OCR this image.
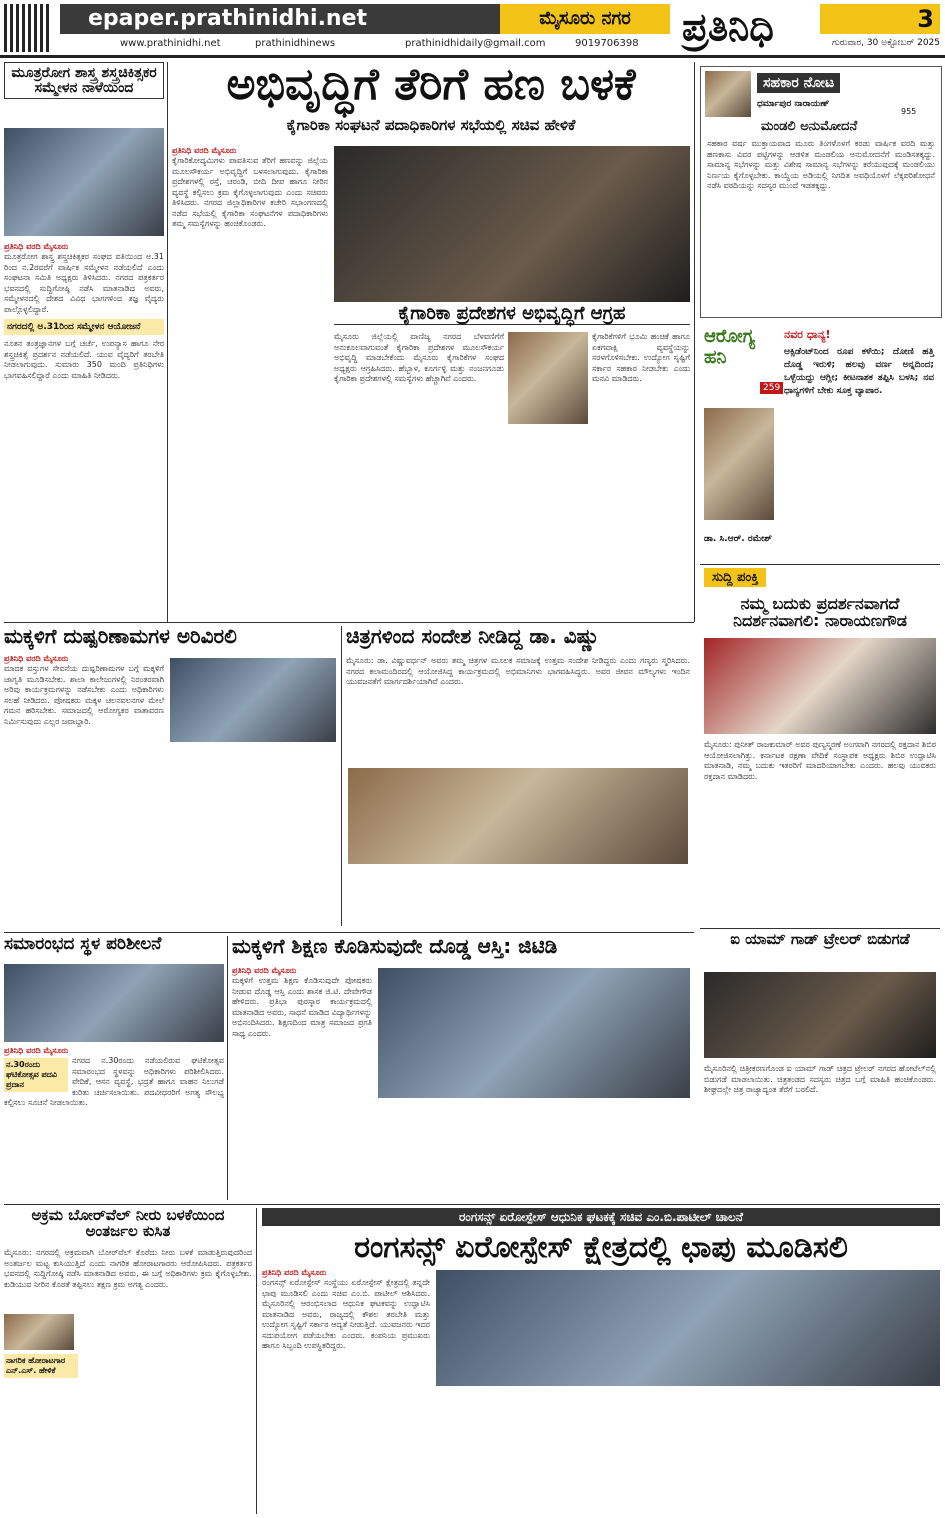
epaper.prathinidhi.net	ಮೈಸೂರು ನಗರ	ಪ್ರತಿನಿಧಿ	3
www.prathinidhi.net	prathinidhinews	prathinidhidaily@gmail.com	9019706398	ಗುರುವಾರ, 30 ಅಕ್ಟೋಬರ್ 2025
ಮೂತ್ರರೋಗ ಶಾಸ್ತ್ರ ಶಸ್ತ್ರಚಿಕಿತ್ಸಕರ ಸಮ್ಮೇಳನ ನಾಳೆಯಿಂದ
ಪ್ರತಿನಿಧಿ ವರದಿ ಮೈಸೂರು
ಮೂತ್ರರೋಗ ಶಾಸ್ತ್ರ ಶಸ್ತ್ರಚಿಕಿತ್ಸಕರ ಸಂಘದ ವತಿಯಿಂದ ಅ.31 ರಿಂದ ನ.2ರವರೆಗೆ ವಾರ್ಷಿಕ ಸಮ್ಮೇಳನ ನಡೆಯಲಿದೆ ಎಂದು ಸಂಘಟನಾ ಸಮಿತಿ ಅಧ್ಯಕ್ಷರು ತಿಳಿಸಿದರು. ನಗರದ ಪತ್ರಕರ್ತರ ಭವನದಲ್ಲಿ ಸುದ್ದಿಗೋಷ್ಠಿ ನಡೆಸಿ ಮಾತನಾಡಿದ ಅವರು, ಸಮ್ಮೇಳನದಲ್ಲಿ ದೇಶದ ವಿವಿಧ ಭಾಗಗಳಿಂದ ತಜ್ಞ ವೈದ್ಯರು ಪಾಲ್ಗೊಳ್ಳಲಿದ್ದಾರೆ.
ನಗರದಲ್ಲಿ ಅ.31ರಿಂದ ಸಮ್ಮೇಳನ ಆಯೋಜನೆ
ನೂತನ ತಂತ್ರಜ್ಞಾನಗಳ ಬಗ್ಗೆ ಚರ್ಚೆ, ಉಪನ್ಯಾಸ ಹಾಗೂ ನೇರ ಶಸ್ತ್ರಚಿಕಿತ್ಸೆ ಪ್ರದರ್ಶನ ನಡೆಯಲಿದೆ. ಯುವ ವೈದ್ಯರಿಗೆ ತರಬೇತಿ ನೀಡಲಾಗುವುದು. ಸುಮಾರು 350 ಮಂದಿ ಪ್ರತಿನಿಧಿಗಳು ಭಾಗವಹಿಸಲಿದ್ದಾರೆ ಎಂದು ಮಾಹಿತಿ ನೀಡಿದರು.
ಅಭಿವೃದ್ಧಿಗೆ ತೆರಿಗೆ ಹಣ ಬಳಕೆ
ಕೈಗಾರಿಕಾ ಸಂಘಟನೆ ಪದಾಧಿಕಾರಿಗಳ ಸಭೆಯಲ್ಲಿ ಸಚಿವ ಹೇಳಿಕೆ
ಪ್ರತಿನಿಧಿ ವರದಿ ಮೈಸೂರು
ಕೈಗಾರಿಕೋದ್ಯಮಿಗಳು ಪಾವತಿಸುವ ತೆರಿಗೆ ಹಣವನ್ನು ಜಿಲ್ಲೆಯ ಮೂಲಸೌಕರ್ಯ ಅಭಿವೃದ್ಧಿಗೆ ಬಳಸಲಾಗುವುದು. ಕೈಗಾರಿಕಾ ಪ್ರದೇಶಗಳಲ್ಲಿ ರಸ್ತೆ, ಚರಂಡಿ, ಬೀದಿ ದೀಪ ಹಾಗೂ ನೀರಿನ ವ್ಯವಸ್ಥೆ ಕಲ್ಪಿಸಲು ಕ್ರಮ ಕೈಗೊಳ್ಳಲಾಗುವುದು ಎಂದು ಸಚಿವರು ತಿಳಿಸಿದರು. ನಗರದ ಜಿಲ್ಲಾಧಿಕಾರಿಗಳ ಕಚೇರಿ ಸಭಾಂಗಣದಲ್ಲಿ ನಡೆದ ಸಭೆಯಲ್ಲಿ ಕೈಗಾರಿಕಾ ಸಂಘಟನೆಗಳ ಪದಾಧಿಕಾರಿಗಳು ತಮ್ಮ ಸಮಸ್ಯೆಗಳನ್ನು ಹಂಚಿಕೊಂಡರು.
ಕೈಗಾರಿಕಾ ಪ್ರದೇಶಗಳ ಅಭಿವೃದ್ಧಿಗೆ ಆಗ್ರಹ
ಮೈಸೂರು ಜಿಲ್ಲೆಯಲ್ಲಿ ವಾಣಿಜ್ಯ ನಗರದ ಬೆಳವಣಿಗೆಗೆ ಅನುಕೂಲವಾಗುವಂತೆ ಕೈಗಾರಿಕಾ ಪ್ರದೇಶಗಳ ಮೂಲಸೌಕರ್ಯ ಅಭಿವೃದ್ಧಿ ಮಾಡಬೇಕೆಂದು ಮೈಸೂರು ಕೈಗಾರಿಕೆಗಳ ಸಂಘದ ಅಧ್ಯಕ್ಷರು ಆಗ್ರಹಿಸಿದರು. ಹೆಬ್ಬಾಳ, ಕೂರ್ಗಳ್ಳಿ ಮತ್ತು ನಂಜನಗೂಡು ಕೈಗಾರಿಕಾ ಪ್ರದೇಶಗಳಲ್ಲಿ ಸಮಸ್ಯೆಗಳು ಹೆಚ್ಚಾಗಿವೆ ಎಂದರು.
ಕೈಗಾರಿಕೆಗಳಿಗೆ ಭೂಮಿ ಹಂಚಿಕೆ ಹಾಗೂ ಏಕಗವಾಕ್ಷಿ ವ್ಯವಸ್ಥೆಯನ್ನು ಸರಳಗೊಳಿಸಬೇಕು. ಉದ್ಯೋಗ ಸೃಷ್ಟಿಗೆ ಸರ್ಕಾರ ಸಹಕಾರ ನೀಡಬೇಕು ಎಂದು ಮನವಿ ಮಾಡಿದರು.
ಸಹಕಾರ ನೋಟ
955
ಧರ್ಮಾಪುರ ನಾರಾಯಣ್
ಮಂಡಲಿ ಅನುಮೋದನೆ
ಸಹಕಾರ ವರ್ಷ ಮುಕ್ತಾಯವಾದ ಮೂರು ತಿಂಗಳೊಳಗೆ ಕರಡು ವಾರ್ಷಿಕ ವರದಿ ಮತ್ತು ಹಣಕಾಸು ವಿವರ ಪಟ್ಟಿಗಳನ್ನು ಆಡಳಿತ ಮಂಡಲಿಯ ಅನುಮೋದನೆಗೆ ಮಂಡಿಸತಕ್ಕದ್ದು. ಸಾಮಾನ್ಯ ಸಭೆಗಳನ್ನು ಮತ್ತು ವಿಶೇಷ ಸಾಮಾನ್ಯ ಸಭೆಗಳನ್ನು ಕರೆಯುವುದಕ್ಕೆ ಮಂಡಲಿಯು ನಿರ್ಣಯ ಕೈಗೊಳ್ಳಬೇಕು. ಕಾಯ್ದೆಯ ಅಡಿಯಲ್ಲಿ ನಿಗದಿತ ಅವಧಿಯೊಳಗೆ ಲೆಕ್ಕಪರಿಶೋಧನೆ ನಡೆಸಿ ವರದಿಯನ್ನು ಸದಸ್ಯರ ಮುಂದೆ ಇಡತಕ್ಕದ್ದು.
ಆರೋಗ್ಯ ಹನಿ
259
ಡಾ. ಸಿ.ಆರ್. ರಮೇಶ್
ನವರ ಧಾನ್ಯ!
ಆಕ್ಸಿಡೆಂಟ್‌ನಿಂದ ರೂಪ ಕಳೆಯಿ; ದೋಣಿ ಹತ್ತಿ ದೊಡ್ಡ ಇರುಳಿ; ಹಲವು ವರ್ಣ ಅನ್ನದಿಂದ; ಒಳ್ಳೆಯದ್ದು ಆಗ್ಲೀ; ಕೀಟನಾಶಕ ತಪ್ಪಿಸಿ ಬಳಸಿ; ನವ ಧಾನ್ಯಗಳಿಗೆ ಬೇಕು ಸೂಕ್ತ ವ್ಯಾಪಾರ.
ಸುದ್ದಿ ಪಂಕ್ತಿ
ನಮ್ಮ ಬದುಕು ಪ್ರದರ್ಶನವಾಗದೆ ನಿದರ್ಶನವಾಗಲಿ: ನಾರಾಯಣಗೌಡ
ಮೈಸೂರು: ಪುನೀತ್ ರಾಜಕುಮಾರ್ ಅವರ ಪುಣ್ಯಸ್ಮರಣೆ ಅಂಗವಾಗಿ ನಗರದಲ್ಲಿ ರಕ್ತದಾನ ಶಿಬಿರ ಆಯೋಜಿಸಲಾಗಿತ್ತು. ಕರ್ನಾಟಕ ರಕ್ಷಣಾ ವೇದಿಕೆ ಸಂಸ್ಥಾಪಕ ಅಧ್ಯಕ್ಷರು ಶಿಬಿರ ಉದ್ಘಾಟಿಸಿ ಮಾತನಾಡಿ, ನಮ್ಮ ಬದುಕು ಇತರರಿಗೆ ಮಾದರಿಯಾಗಬೇಕು ಎಂದರು. ಹಲವು ಯುವಕರು ರಕ್ತದಾನ ಮಾಡಿದರು.
ಐ ಯಾಮ್ ಗಾಡ್ ಟ್ರೇಲರ್ ಬಿಡುಗಡೆ
ಮೈಸೂರಿನಲ್ಲಿ ಚಿತ್ರೀಕರಣಗೊಂಡ ಐ ಯಾಮ್ ಗಾಡ್ ಚಿತ್ರದ ಟ್ರೇಲರ್ ನಗರದ ಹೋಟೆಲ್‌ನಲ್ಲಿ ಬಿಡುಗಡೆ ಮಾಡಲಾಯಿತು. ಚಿತ್ರತಂಡದ ಸದಸ್ಯರು ಚಿತ್ರದ ಬಗ್ಗೆ ಮಾಹಿತಿ ಹಂಚಿಕೊಂಡರು. ಶೀಘ್ರದಲ್ಲೇ ಚಿತ್ರ ರಾಜ್ಯಾದ್ಯಂತ ತೆರೆಗೆ ಬರಲಿದೆ.
ಮಕ್ಕಳಿಗೆ ದುಷ್ಪರಿಣಾಮಗಳ ಅರಿವಿರಲಿ
ಪ್ರತಿನಿಧಿ ವರದಿ ಮೈಸೂರು
ಮಾದಕ ವಸ್ತುಗಳ ಸೇವನೆಯ ದುಷ್ಪರಿಣಾಮಗಳ ಬಗ್ಗೆ ಮಕ್ಕಳಿಗೆ ಜಾಗೃತಿ ಮೂಡಿಸಬೇಕು. ಶಾಲಾ ಕಾಲೇಜುಗಳಲ್ಲಿ ನಿರಂತರವಾಗಿ ಅರಿವು ಕಾರ್ಯಕ್ರಮಗಳನ್ನು ನಡೆಸಬೇಕು ಎಂದು ಅಧಿಕಾರಿಗಳು ಸಲಹೆ ನೀಡಿದರು. ಪೋಷಕರು ಮಕ್ಕಳ ಚಲನವಲನಗಳ ಮೇಲೆ ಗಮನ ಹರಿಸಬೇಕು. ಸಮಾಜದಲ್ಲಿ ಆರೋಗ್ಯಕರ ವಾತಾವರಣ ನಿರ್ಮಿಸುವುದು ಎಲ್ಲರ ಜವಾಬ್ದಾರಿ.
ಚಿತ್ರಗಳಿಂದ ಸಂದೇಶ ನೀಡಿದ್ದ ಡಾ. ವಿಷ್ಣು
ಮೈಸೂರು: ಡಾ. ವಿಷ್ಣುವರ್ಧನ್ ಅವರು ತಮ್ಮ ಚಿತ್ರಗಳ ಮೂಲಕ ಸಮಾಜಕ್ಕೆ ಉತ್ತಮ ಸಂದೇಶ ನೀಡಿದ್ದರು ಎಂದು ಗಣ್ಯರು ಸ್ಮರಿಸಿದರು. ನಗರದ ಕಲಾಮಂದಿರದಲ್ಲಿ ಆಯೋಜಿಸಿದ್ದ ಕಾರ್ಯಕ್ರಮದಲ್ಲಿ ಅಭಿಮಾನಿಗಳು ಭಾಗವಹಿಸಿದ್ದರು. ಅವರ ಜೀವನ ಮೌಲ್ಯಗಳು ಇಂದಿನ ಯುವಜನತೆಗೆ ಮಾರ್ಗದರ್ಶಿಯಾಗಿವೆ ಎಂದರು.
ಸಮಾರಂಭದ ಸ್ಥಳ ಪರಿಶೀಲನೆ
ಪ್ರತಿನಿಧಿ ವರದಿ ಮೈಸೂರು
ನ.30ರಂದು ಘಟಿಕೋತ್ಸವ ಪದವಿ ಪ್ರದಾನ
ನಗರದ ನ.30ರಂದು ನಡೆಯಲಿರುವ ಘಟಿಕೋತ್ಸವ ಸಮಾರಂಭದ ಸ್ಥಳವನ್ನು ಅಧಿಕಾರಿಗಳು ಪರಿಶೀಲಿಸಿದರು. ವೇದಿಕೆ, ಆಸನ ವ್ಯವಸ್ಥೆ, ಭದ್ರತೆ ಹಾಗೂ ವಾಹನ ನಿಲುಗಡೆ ಕುರಿತು ಚರ್ಚಿಸಲಾಯಿತು. ಪದವೀಧರರಿಗೆ ಅಗತ್ಯ ಸೌಲಭ್ಯ ಕಲ್ಪಿಸಲು ಸೂಚನೆ ನೀಡಲಾಯಿತು.
ಮಕ್ಕಳಿಗೆ ಶಿಕ್ಷಣ ಕೊಡಿಸುವುದೇ ದೊಡ್ಡ ಆಸ್ತಿ: ಜಿಟಿಡಿ
ಪ್ರತಿನಿಧಿ ವರದಿ ಮೈಸೂರು
ಮಕ್ಕಳಿಗೆ ಉತ್ತಮ ಶಿಕ್ಷಣ ಕೊಡಿಸುವುದೇ ಪೋಷಕರು ನೀಡುವ ದೊಡ್ಡ ಆಸ್ತಿ ಎಂದು ಶಾಸಕ ಜಿ.ಟಿ. ದೇವೇಗೌಡ ಹೇಳಿದರು. ಪ್ರತಿಭಾ ಪುರಸ್ಕಾರ ಕಾರ್ಯಕ್ರಮದಲ್ಲಿ ಮಾತನಾಡಿದ ಅವರು, ಸಾಧನೆ ಮಾಡಿದ ವಿದ್ಯಾರ್ಥಿಗಳನ್ನು ಅಭಿನಂದಿಸಿದರು. ಶಿಕ್ಷಣದಿಂದ ಮಾತ್ರ ಸಮಾಜದ ಪ್ರಗತಿ ಸಾಧ್ಯ ಎಂದರು.
ಅಕ್ರಮ ಬೋರ್‌ವೆಲ್ ನೀರು ಬಳಕೆಯಿಂದ ಅಂತರ್ಜಲ ಕುಸಿತ
ನಾಗರಿಕ ಹೋರಾಟಗಾರ ಎನ್.ಎಸ್. ಹೇಳಿಕೆ
ಮೈಸೂರು: ನಗರದಲ್ಲಿ ಅಕ್ರಮವಾಗಿ ಬೋರ್‌ವೆಲ್ ಕೊರೆದು ನೀರು ಬಳಕೆ ಮಾಡುತ್ತಿರುವುದರಿಂದ ಅಂತರ್ಜಲ ಮಟ್ಟ ಕುಸಿಯುತ್ತಿದೆ ಎಂದು ನಾಗರಿಕ ಹೋರಾಟಗಾರರು ಆರೋಪಿಸಿದರು. ಪತ್ರಕರ್ತರ ಭವನದಲ್ಲಿ ಸುದ್ದಿಗೋಷ್ಠಿ ನಡೆಸಿ ಮಾತನಾಡಿದ ಅವರು, ಈ ಬಗ್ಗೆ ಅಧಿಕಾರಿಗಳು ಕ್ರಮ ಕೈಗೊಳ್ಳಬೇಕು. ಕುಡಿಯುವ ನೀರಿನ ಕೊರತೆ ತಪ್ಪಿಸಲು ತಕ್ಷಣ ಕ್ರಮ ಅಗತ್ಯ ಎಂದರು.
ರಂಗಸನ್ಸ್ ಏರೋಸ್ಪೇಸ್ ಆಧುನಿಕ ಘಟಕಕ್ಕೆ ಸಚಿವ ಎಂ.ಬಿ.ಪಾಟೀಲ್ ಚಾಲನೆ
ರಂಗಸನ್ಸ್ ಏರೋಸ್ಪೇಸ್ ಕ್ಷೇತ್ರದಲ್ಲಿ ಛಾಪು ಮೂಡಿಸಲಿ
ಪ್ರತಿನಿಧಿ ವರದಿ ಮೈಸೂರು
ರಂಗಸನ್ಸ್ ಏರೋಸ್ಪೇಸ್ ಸಂಸ್ಥೆಯು ಏರೋಸ್ಪೇಸ್ ಕ್ಷೇತ್ರದಲ್ಲಿ ತನ್ನದೇ ಛಾಪು ಮೂಡಿಸಲಿ ಎಂದು ಸಚಿವ ಎಂ.ಬಿ. ಪಾಟೀಲ್ ಆಶಿಸಿದರು. ಮೈಸೂರಿನಲ್ಲಿ ಆರಂಭಿಸಲಾದ ಆಧುನಿಕ ಘಟಕವನ್ನು ಉದ್ಘಾಟಿಸಿ ಮಾತನಾಡಿದ ಅವರು, ರಾಜ್ಯದಲ್ಲಿ ಕೌಶಲ ತರಬೇತಿ ಮತ್ತು ಉದ್ಯೋಗ ಸೃಷ್ಟಿಗೆ ಸರ್ಕಾರ ಆದ್ಯತೆ ನೀಡುತ್ತಿದೆ. ಯುವಜನರು ಇದರ ಸದುಪಯೋಗ ಪಡೆಯಬೇಕು ಎಂದರು. ಕಂಪನಿಯ ಪ್ರಮುಖರು ಹಾಗೂ ಸಿಬ್ಬಂದಿ ಉಪಸ್ಥಿತರಿದ್ದರು.
